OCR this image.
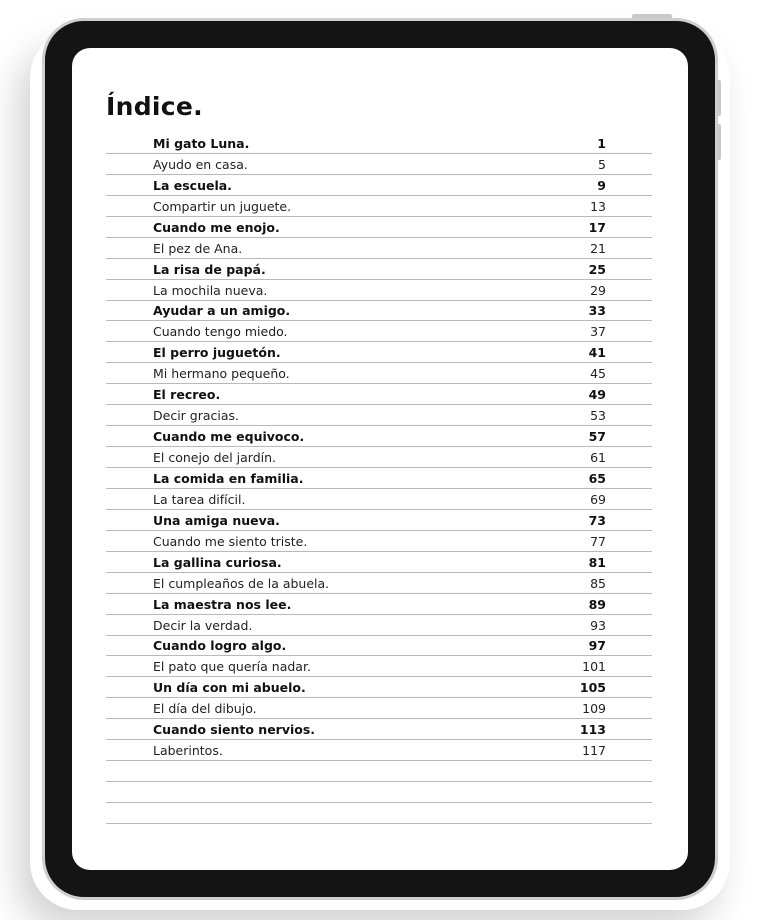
Índice.
Mi gato Luna.	1
Ayudo en casa.	5
La escuela.	9
Compartir un juguete.	13
Cuando me enojo.	17
El pez de Ana.	21
La risa de papá.	25
La mochila nueva.	29
Ayudar a un amigo.	33
Cuando tengo miedo.	37
El perro juguetón.	41
Mi hermano pequeño.	45
El recreo.	49
Decir gracias.	53
Cuando me equivoco.	57
El conejo del jardín.	61
La comida en familia.	65
La tarea difícil.	69
Una amiga nueva.	73
Cuando me siento triste.	77
La gallina curiosa.	81
El cumpleaños de la abuela.	85
La maestra nos lee.	89
Decir la verdad.	93
Cuando logro algo.	97
El pato que quería nadar.	101
Un día con mi abuelo.	105
El día del dibujo.	109
Cuando siento nervios.	113
Laberintos.	117
